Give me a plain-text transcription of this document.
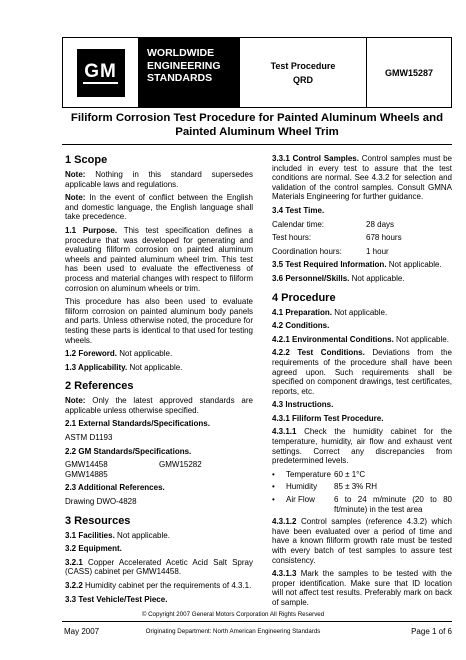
GM
WORLDWIDE
ENGINEERING
STANDARDS
Test Procedure
QRD
GMW15287
Filiform Corrosion Test Procedure for Painted Aluminum Wheels and
Painted Aluminum Wheel Trim
1 Scope

Note: Nothing in this standard supersedes applicable laws and regulations.

Note: In the event of conflict between the English and domestic language, the English language shall take precedence.

1.1 Purpose. This test specification defines a procedure that was developed for generating and evaluating filiform corrosion on painted aluminum wheels and painted aluminum wheel trim. This test has been used to evaluate the effectiveness of process and material changes with respect to filiform corrosion on aluminum wheels or trim.

This procedure has also been used to evaluate filiform corrosion on painted aluminum body panels and parts. Unless otherwise noted, the procedure for testing these parts is identical to that used for testing wheels.

1.2 Foreword. Not applicable.

1.3 Applicability. Not applicable.

2 References

Note: Only the latest approved standards are applicable unless otherwise specified.

2.1 External Standards/Specifications.

ASTM D1193

2.2 GM Standards/Specifications.

GMW14458	GMW15282

GMW14885

2.3 Additional References.

Drawing DWO-4828

3 Resources

3.1 Facilities. Not applicable.

3.2 Equipment.

3.2.1 Copper Accelerated Acetic Acid Salt Spray (CASS) cabinet per GMW14458.

3.2.2 Humidity cabinet per the requirements of 4.3.1.

3.3 Test Vehicle/Test Piece.

3.3.1 Control Samples. Control samples must be included in every test to assure that the test conditions are normal. See 4.3.2 for selection and validation of the control samples. Consult GMNA Materials Engineering for further guidance.

3.4 Test Time.

Calendar time:	28 days
Test hours:	678 hours
Coordination hours:	1 hour

3.5 Test Required Information. Not applicable.

3.6 Personnel/Skills. Not applicable.

4 Procedure

4.1 Preparation. Not applicable.

4.2 Conditions.

4.2.1 Environmental Conditions. Not applicable.

4.2.2 Test Conditions. Deviations from the requirements of the procedure shall have been agreed upon. Such requirements shall be specified on component drawings, test certificates, reports, etc.

4.3 Instructions.

4.3.1 Filiform Test Procedure.

4.3.1.1 Check the humidity cabinet for the temperature, humidity, air flow and exhaust vent settings. Correct any discrepancies from predetermined levels.

•	Temperature 60 ± 1°C
•	Humidity	85 ± 3% RH
•	Air Flow	6 to 24 m/minute (20 to 80 ft/minute) in the test area

4.3.1.2 Control samples (reference 4.3.2) which have been evaluated over a period of time and have a known filiform growth rate must be tested with every batch of test samples to assure test consistency.

4.3.1.3 Mark the samples to be tested with the proper identification. Make sure that ID location will not affect test results. Preferably mark on back of sample.

© Copyright 2007 General Motors Corporation All Rights Reserved
May 2007	Originating Department: North American Engineering Standards	Page 1 of 6
